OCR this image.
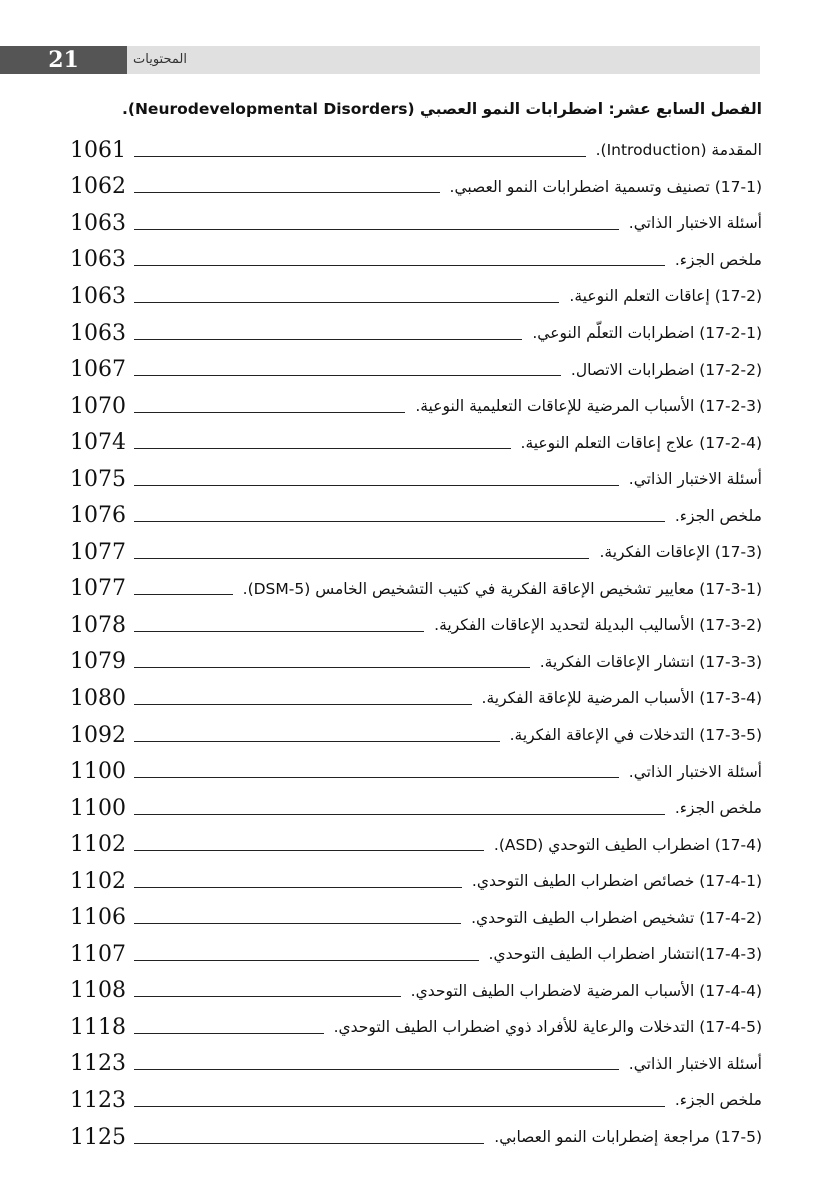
21	المحتويات
الفصل السابع عشر: اضطرابات النمو العصبي (Neurodevelopmental Disorders).
المقدمة (Introduction).
1061
(17-1) تصنيف وتسمية اضطرابات النمو العصبي.
1062
أسئلة الاختبار الذاتي.
1063
ملخص الجزء.
1063
(17-2) إعاقات التعلم النوعية.
1063
(17-2-1) اضطرابات التعلّم النوعي.
1063
(17-2-2) اضطرابات الاتصال.
1067
(17-2-3) الأسباب المرضية للإعاقات التعليمية النوعية.
1070
(17-2-4) علاج إعاقات التعلم النوعية.
1074
أسئلة الاختبار الذاتي.
1075
ملخص الجزء.
1076
(17-3) الإعاقات الفكرية.
1077
(17-3-1) معايير تشخيص الإعاقة الفكرية في كتيب التشخيص الخامس (DSM-5).
1077
(17-3-2) الأساليب البديلة لتحديد الإعاقات الفكرية.
1078
(17-3-3) انتشار الإعاقات الفكرية.
1079
(17-3-4) الأسباب المرضية للإعاقة الفكرية.
1080
(17-3-5) التدخلات في الإعاقة الفكرية.
1092
أسئلة الاختبار الذاتي.
1100
ملخص الجزء.
1100
(17-4) اضطراب الطيف التوحدي (ASD).
1102
(17-4-1) خصائص اضطراب الطيف التوحدي.
1102
(17-4-2) تشخيص اضطراب الطيف التوحدي.
1106
(17-4-3)انتشار اضطراب الطيف التوحدي.
1107
(17-4-4) الأسباب المرضية لاضطراب الطيف التوحدي.
1108
(17-4-5) التدخلات والرعاية للأفراد ذوي اضطراب الطيف التوحدي.
1118
أسئلة الاختبار الذاتي.
1123
ملخص الجزء.
1123
(17-5) مراجعة إضطرابات النمو العصابي.
1125
